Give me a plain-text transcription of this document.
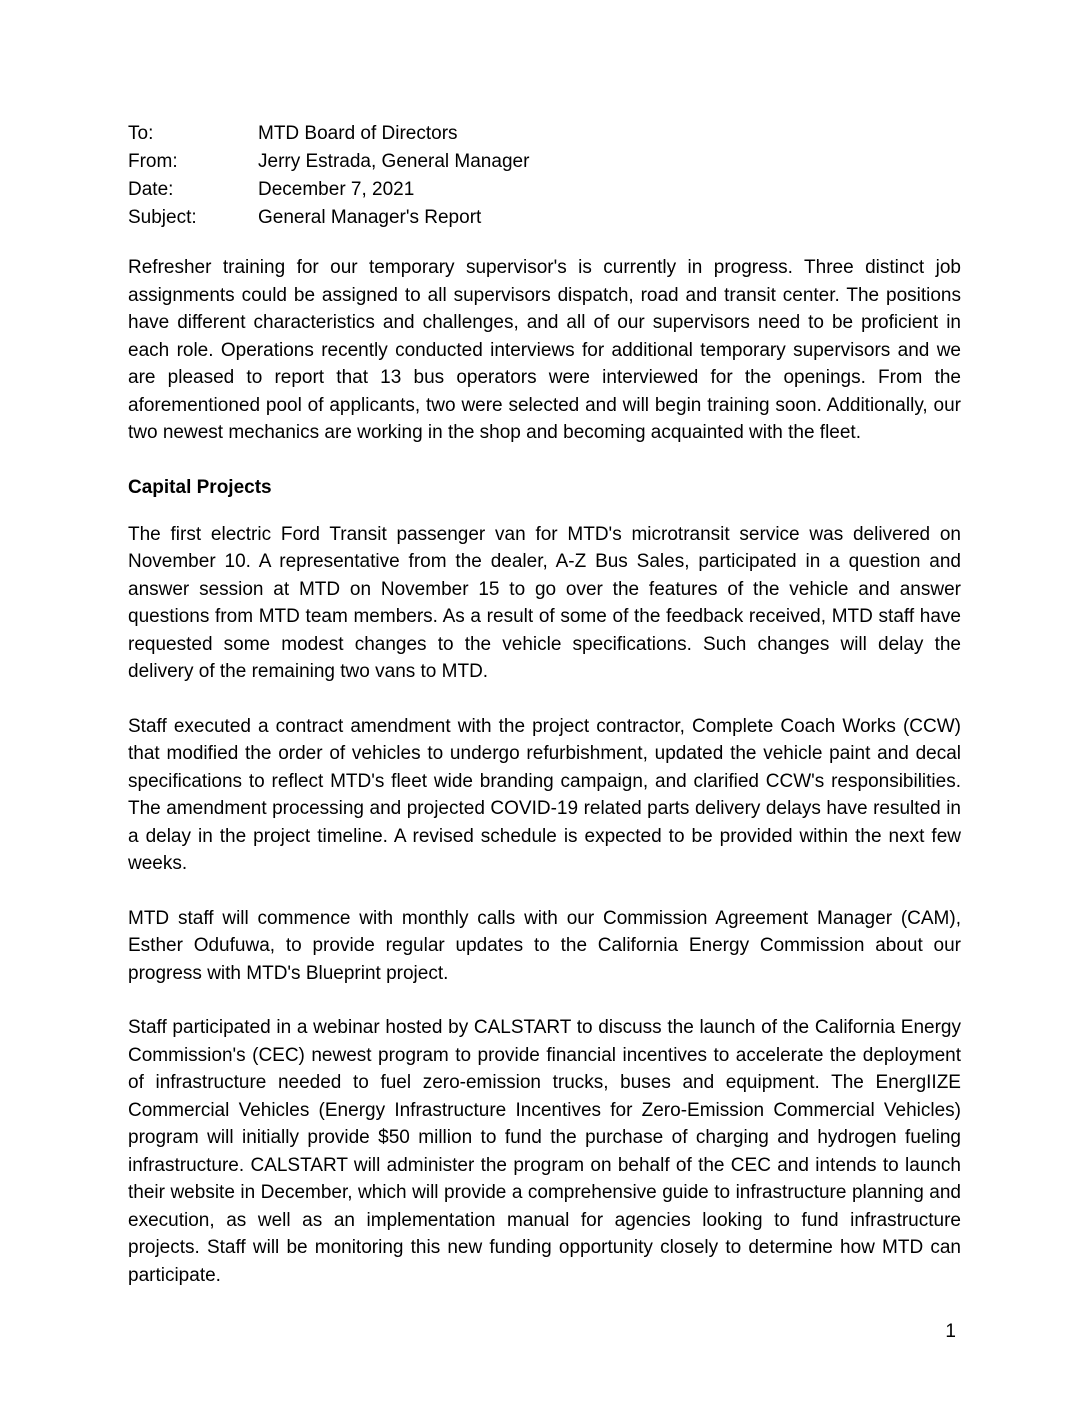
To:	MTD Board of Directors
From:	Jerry Estrada, General Manager
Date:	December 7, 2021
Subject:	General Manager's Report

Refresher training for our temporary supervisor's is currently in progress. Three distinct job assignments could be assigned to all supervisors dispatch, road and transit center. The positions have different characteristics and challenges, and all of our supervisors need to be proficient in each role. Operations recently conducted interviews for additional temporary supervisors and we are pleased to report that 13 bus operators were interviewed for the openings. From the aforementioned pool of applicants, two were selected and will begin training soon. Additionally, our two newest mechanics are working in the shop and becoming acquainted with the fleet.

Capital Projects

The first electric Ford Transit passenger van for MTD's microtransit service was delivered on November 10. A representative from the dealer, A-Z Bus Sales, participated in a question and answer session at MTD on November 15 to go over the features of the vehicle and answer questions from MTD team members. As a result of some of the feedback received, MTD staff have requested some modest changes to the vehicle specifications. Such changes will delay the delivery of the remaining two vans to MTD.

Staff executed a contract amendment with the project contractor, Complete Coach Works (CCW) that modified the order of vehicles to undergo refurbishment, updated the vehicle paint and decal specifications to reflect MTD's fleet wide branding campaign, and clarified CCW's responsibilities. The amendment processing and projected COVID-19 related parts delivery delays have resulted in a delay in the project timeline. A revised schedule is expected to be provided within the next few weeks.

MTD staff will commence with monthly calls with our Commission Agreement Manager (CAM), Esther Odufuwa, to provide regular updates to the California Energy Commission about our progress with MTD's Blueprint project.

Staff participated in a webinar hosted by CALSTART to discuss the launch of the California Energy Commission's (CEC) newest program to provide financial incentives to accelerate the deployment of infrastructure needed to fuel zero-emission trucks, buses and equipment. The EnergIIZE Commercial Vehicles (Energy Infrastructure Incentives for Zero-Emission Commercial Vehicles) program will initially provide $50 million to fund the purchase of charging and hydrogen fueling infrastructure. CALSTART will administer the program on behalf of the CEC and intends to launch their website in December, which will provide a comprehensive guide to infrastructure planning and execution, as well as an implementation manual for agencies looking to fund infrastructure projects. Staff will be monitoring this new funding opportunity closely to determine how MTD can participate.

1
